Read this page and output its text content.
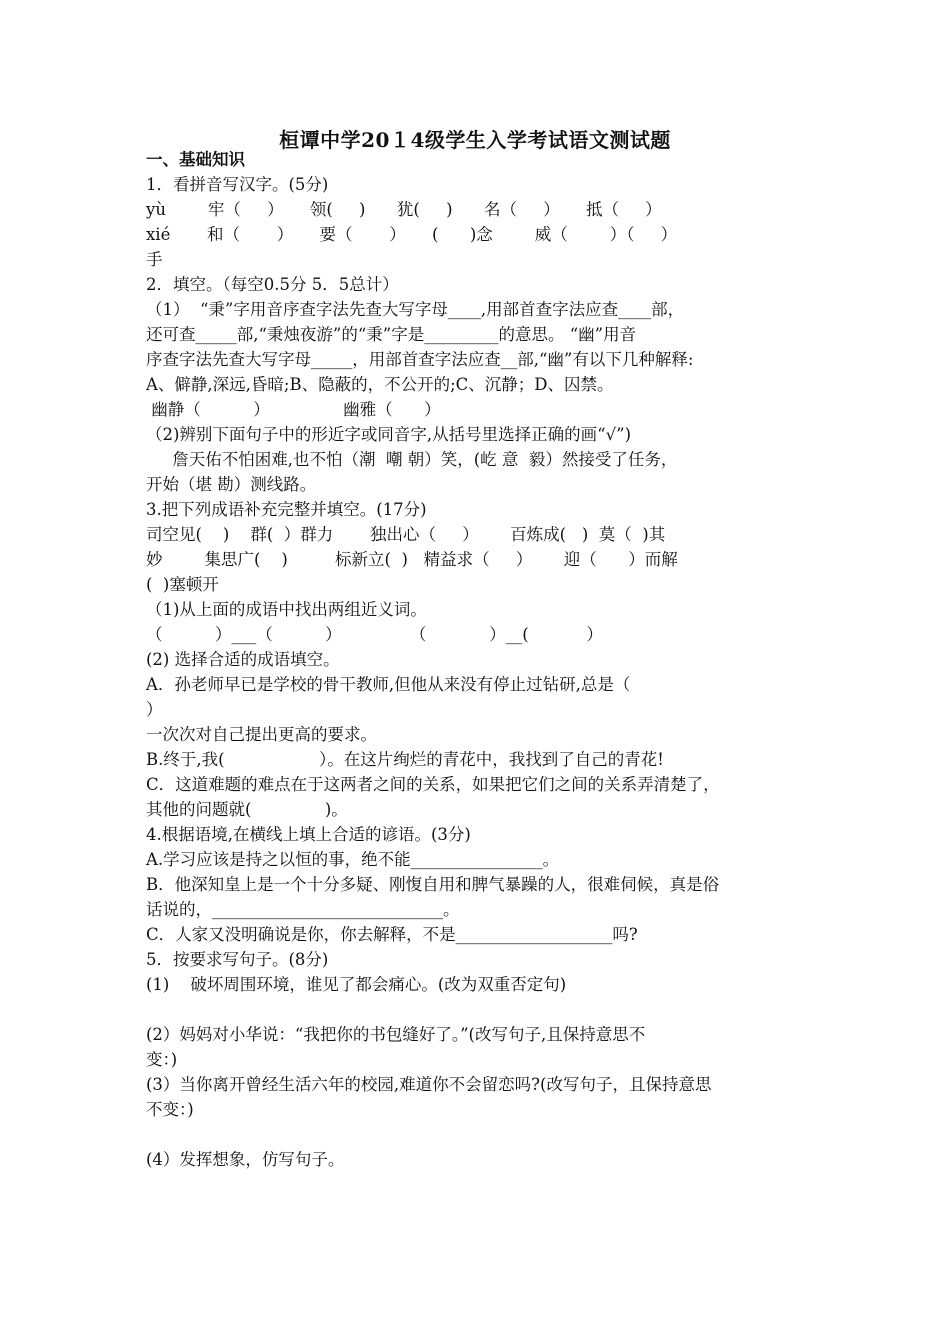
桓谭中学20１4级学生入学考试语文测试题
一、基础知识
1．看拼音写汉字。(5分)
yù        牢（     ）     领(     )      犹(     )      名（     ）     抵（     ）
xié       和（       ）     要（       ）     (      )念        威（        ）（     ）
手
2．填空。（每空0.5分 5．5总计）
（1）  “秉”字用音序查字法先查大写字母____,用部首查字法应查____部，
还可查_____部,“秉烛夜游”的“秉”字是_________的意思。 “幽”用音
序查字法先查大写字母_____，用部首查字法应查__部,“幽”有以下几种解释:
A、僻静,深远,昏暗;B、隐蔽的，不公开的;C、沉静；D、囚禁。
幽静（          ）              幽雅（      ）
（2)辨别下面句子中的形近字或同音字,从括号里选择正确的画“√”)
詹天佑不怕困难,也不怕（潮  嘲 朝）笑，(屹 意  毅）然接受了任务，
开始（堪 勘）测线路。
3.把下列成语补充完整并填空。(17分)
司空见(    )    群(  ）群力       独出心（     ）      百炼成(   )  莫（  )其
妙        集思广(    )         标新立(  )   精益求（     ）      迎（      ）而解
(  )塞顿开
（1)从上面的成语中找出两组近义词。
（          ）___（          ）             （            ）__(           ）
(2) 选择合适的成语填空。
A．孙老师早已是学校的骨干教师,但他从来没有停止过钻研,总是（
）
一次次对自己提出更高的要求。
B.终于,我(                  ）。在这片绚烂的青花中，我找到了自己的青花!
C．这道难题的难点在于这两者之间的关系，如果把它们之间的关系弄清楚了，
其他的问题就(              )。
4.根据语境,在横线上填上合适的谚语。(3分)
A.学习应该是持之以恒的事，绝不能________________。
B．他深知皇上是一个十分多疑、刚愎自用和脾气暴躁的人，很难伺候，真是俗
话说的，____________________________。
C．人家又没明确说是你，你去解释，不是___________________吗?
5．按要求写句子。(8分)
(1)    破坏周围环境，谁见了都会痛心。(改为双重否定句)
(2）妈妈对小华说：“我把你的书包缝好了。”(改写句子,且保持意思不
变：)
(3）当你离开曾经生活六年的校园,难道你不会留恋吗?(改写句子，且保持意思
不变：)
(4）发挥想象，仿写句子。
